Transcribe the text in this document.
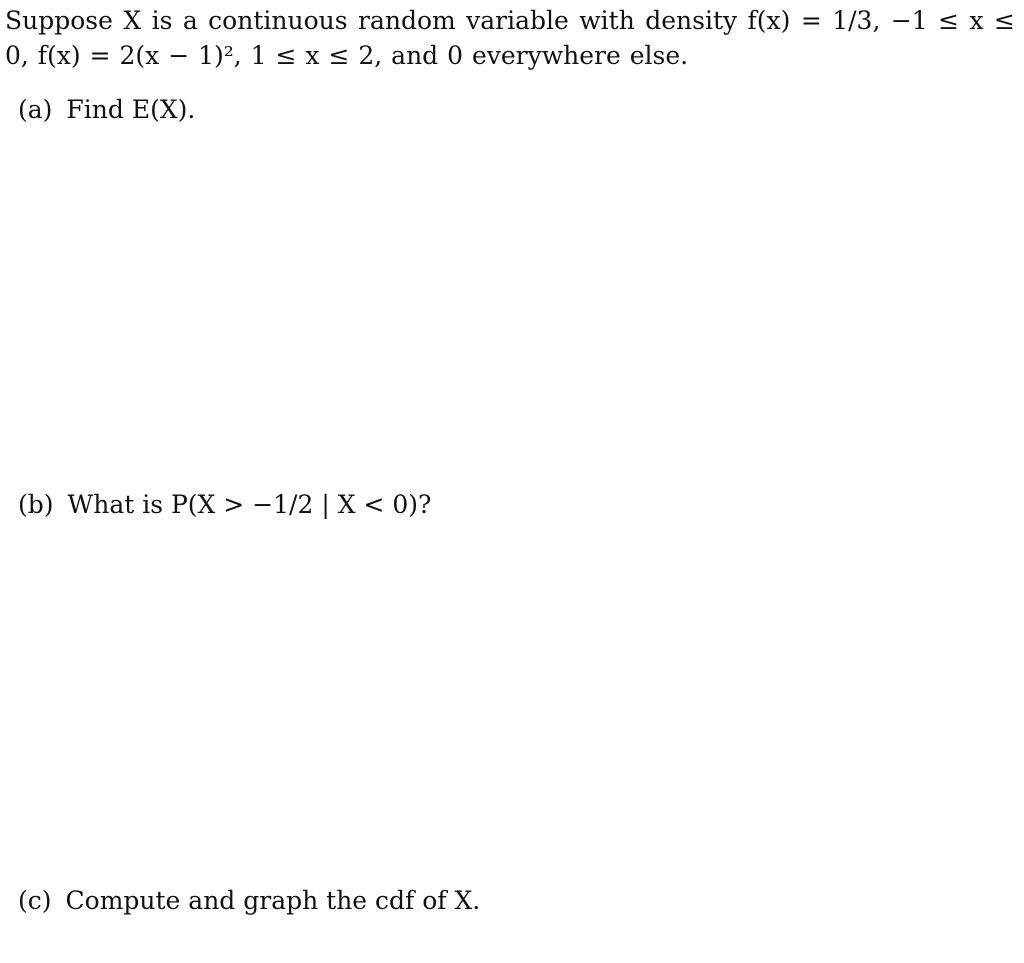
Suppose X is a continuous random variable with density f(x) = 1/3, −1 ≤ x ≤ 0, f(x) = 2(x − 1)², 1 ≤ x ≤ 2, and 0 everywhere else.

(a) Find E(X).

(b) What is P(X > −1/2 | X < 0)?

(c) Compute and graph the cdf of X.
